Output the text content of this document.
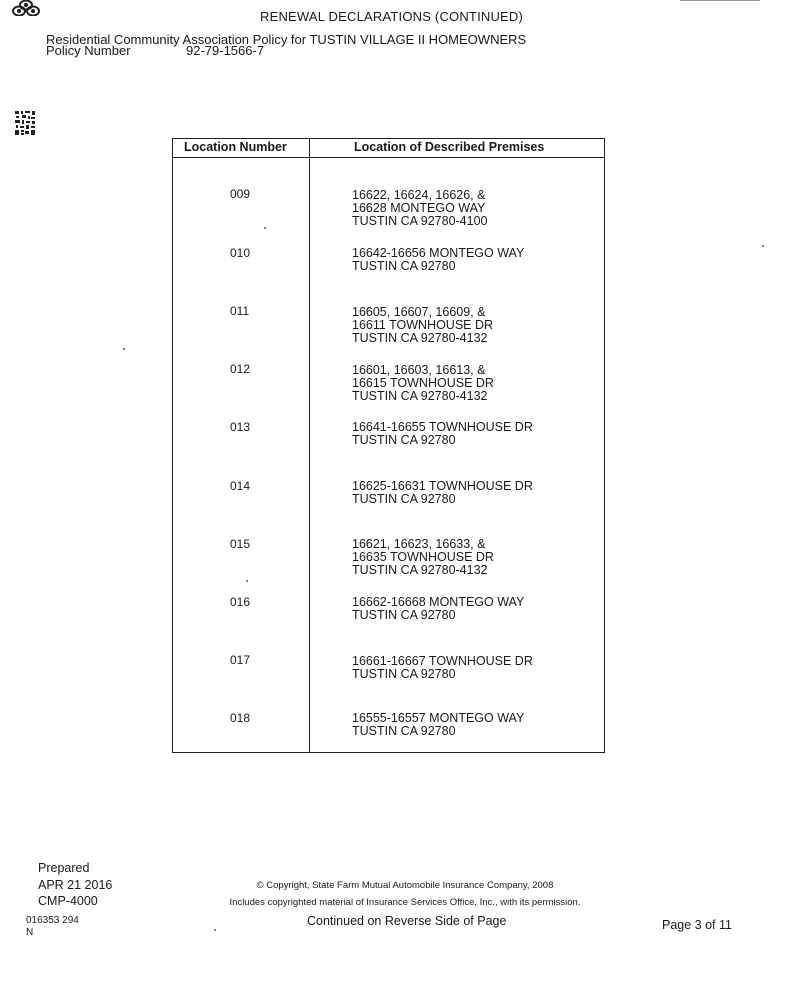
RENEWAL DECLARATIONS (CONTINUED)
Residential Community Association Policy for TUSTIN VILLAGE II HOMEOWNERS
Policy Number	92-79-1566-7
Location Number	Location of Described Premises
009	16622, 16624, 16626, &
16628 MONTEGO WAY
TUSTIN CA 92780-4100
010	16642-16656 MONTEGO WAY
TUSTIN CA 92780
011	16605, 16607, 16609, &
16611 TOWNHOUSE DR
TUSTIN CA 92780-4132
012	16601, 16603, 16613, &
16615 TOWNHOUSE DR
TUSTIN CA 92780-4132
013	16641-16655 TOWNHOUSE DR
TUSTIN CA 92780
014	16625-16631 TOWNHOUSE DR
TUSTIN CA 92780
015	16621, 16623, 16633, &
16635 TOWNHOUSE DR
TUSTIN CA 92780-4132
016	16662-16668 MONTEGO WAY
TUSTIN CA 92780
017	16661-16667 TOWNHOUSE DR
TUSTIN CA 92780
018	16555-16557 MONTEGO WAY
TUSTIN CA 92780
Prepared
APR 21 2016
CMP-4000
© Copyright, State Farm Mutual Automobile Insurance Company, 2008
Includes copyrighted material of Insurance Services Office, Inc., with its permission.
Continued on Reverse Side of Page	Page 3 of 11
016353 294
N
